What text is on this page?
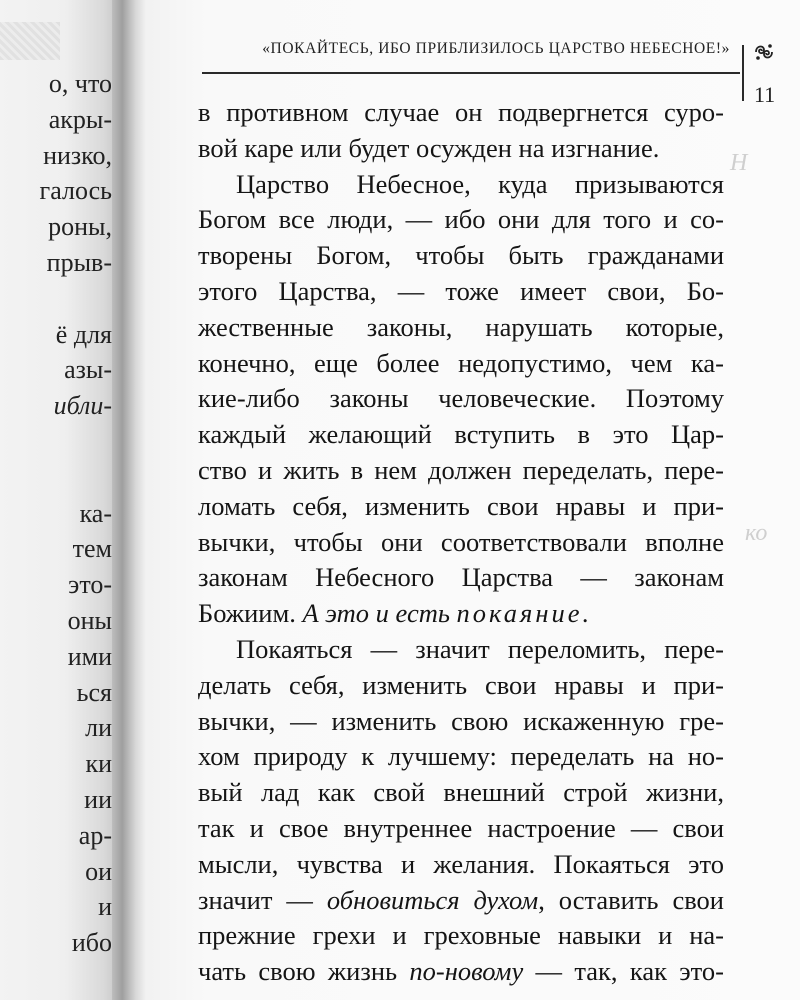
о, что
акры-
низко,
галось
роны,
прыв-
ё для
азы-
ибли-
ка-
тем
это-
оны
ими
ься
ли
ки
ии
ар-
ои
и
ибо
Н
ко
«ПОКАЙТЕСЬ, ИБО ПРИБЛИЗИЛОСЬ ЦАРСТВО НЕБЕСНОЕ!»
11
в противном случае он подвергнется суро-
вой каре или будет осужден на изгнание.
Царство Небесное, куда призываются
Богом все люди, — ибо они для того и со-
творены Богом, чтобы быть гражданами
этого Царства, — тоже имеет свои, Бо-
жественные законы, нарушать которые,
конечно, еще более недопустимо, чем ка-
кие-либо законы человеческие. Поэтому
каждый желающий вступить в это Цар-
ство и жить в нем должен переделать, пере-
ломать себя, изменить свои нравы и при-
вычки, чтобы они соответствовали вполне
законам Небесного Царства — законам
Божиим. А это и есть покаяние.
Покаяться — значит переломить, пере-
делать себя, изменить свои нравы и при-
вычки, — изменить свою искаженную гре-
хом природу к лучшему: переделать на но-
вый лад как свой внешний строй жизни,
так и свое внутреннее настроение — свои
мысли, чувства и желания. Покаяться это
значит — обновиться духом, оставить свои
прежние грехи и греховные навыки и на-
чать свою жизнь по-новому — так, как это-
